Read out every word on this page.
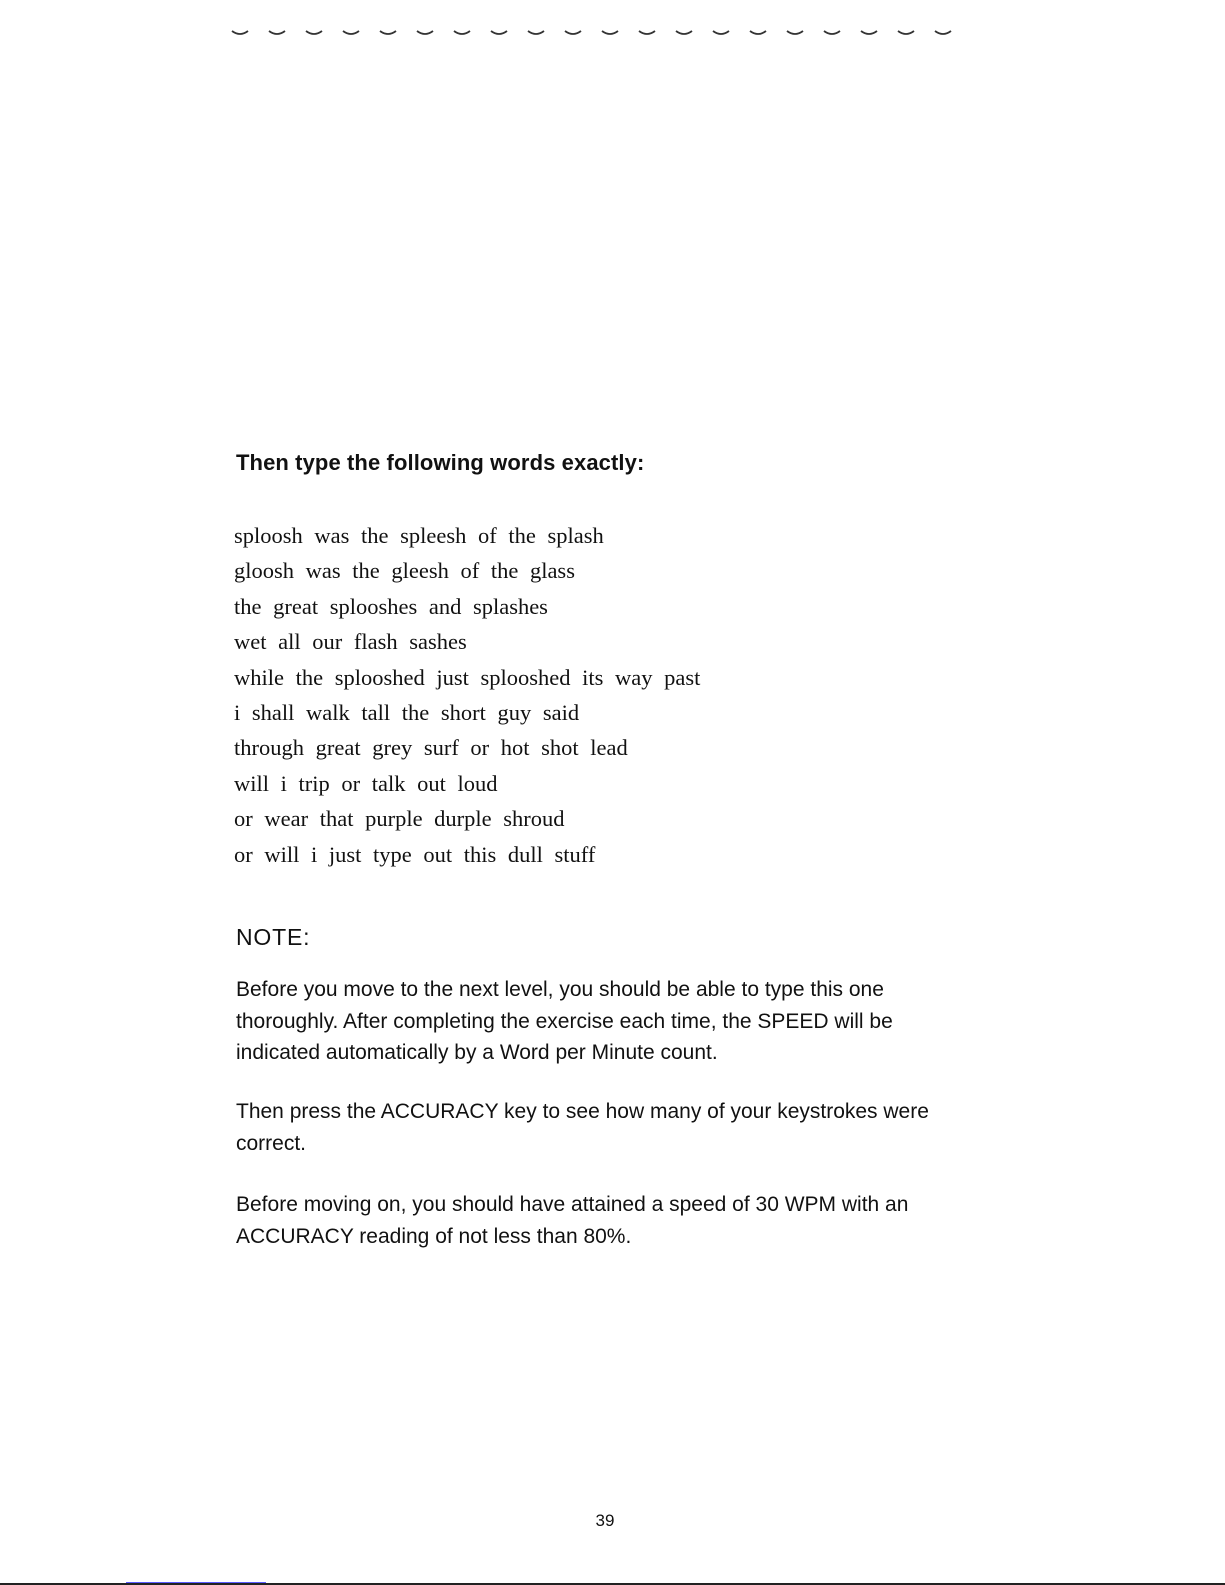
Then type the following words exactly:
sploosh was the spleesh of the splash
gloosh was the gleesh of the glass
the great splooshes and splashes
wet all our flash sashes
while the splooshed just splooshed its way past
i shall walk tall the short guy said
through great grey surf or hot shot lead
will i trip or talk out loud
or wear that purple durple shroud
or will i just type out this dull stuff
NOTE:

Before you move to the next level, you should be able to type this one thoroughly. After completing the exercise each time, the SPEED will be indicated automatically by a Word per Minute count.

Then press the ACCURACY key to see how many of your keystrokes were correct.

Before moving on, you should have attained a speed of 30 WPM with an ACCURACY reading of not less than 80%.

39
